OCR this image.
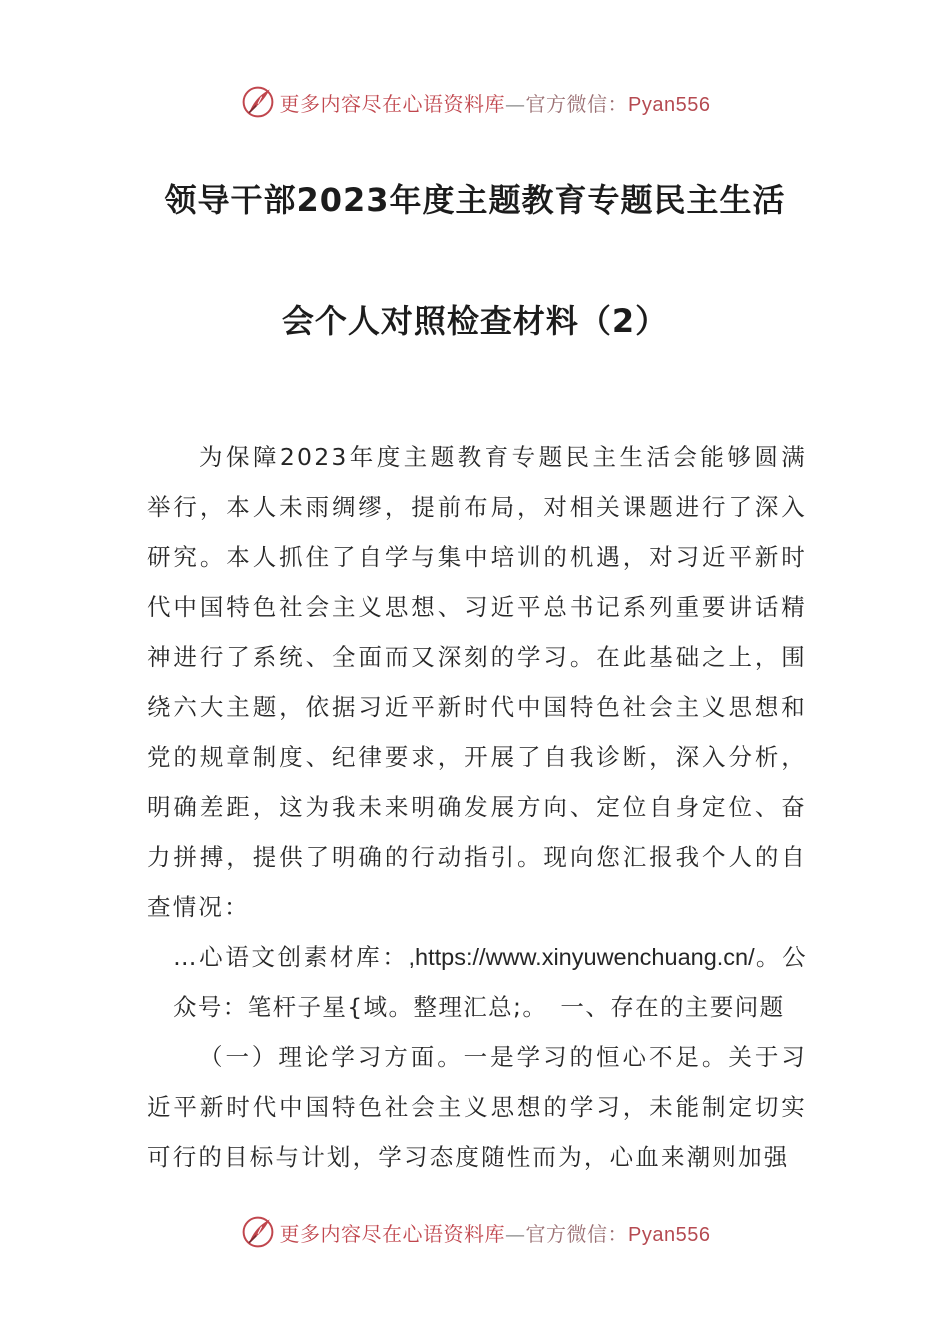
更多内容尽在心语资料库—官方微信：Pyan556
领导干部2023年度主题教育专题民主生活
会个人对照检查材料（2）

为保障2023年度主题教育专题民主生活会能够圆满举行，本人未雨绸缪，提前布局，对相关课题进行了深入研究。本人抓住了自学与集中培训的机遇，对习近平新时代中国特色社会主义思想、习近平总书记系列重要讲话精神进行了系统、全面而又深刻的学习。在此基础之上，围绕六大主题，依据习近平新时代中国特色社会主义思想和党的规章制度、纪律要求，开展了自我诊断，深入分析，明确差距，这为我未来明确发展方向、定位自身定位、奋力拼搏，提供了明确的行动指引。现向您汇报我个人的自查情况：

…心语文创素材库：,https://www.xinyuwenchuang.cn/。公众号：笔杆子星{域。整理汇总;。　一、存在的主要问题

（一）理论学习方面。一是学习的恒心不足。关于习近平新时代中国特色社会主义思想的学习，未能制定切实可行的目标与计划，学习态度随性而为，心血来潮则加强

更多内容尽在心语资料库—官方微信：Pyan556
